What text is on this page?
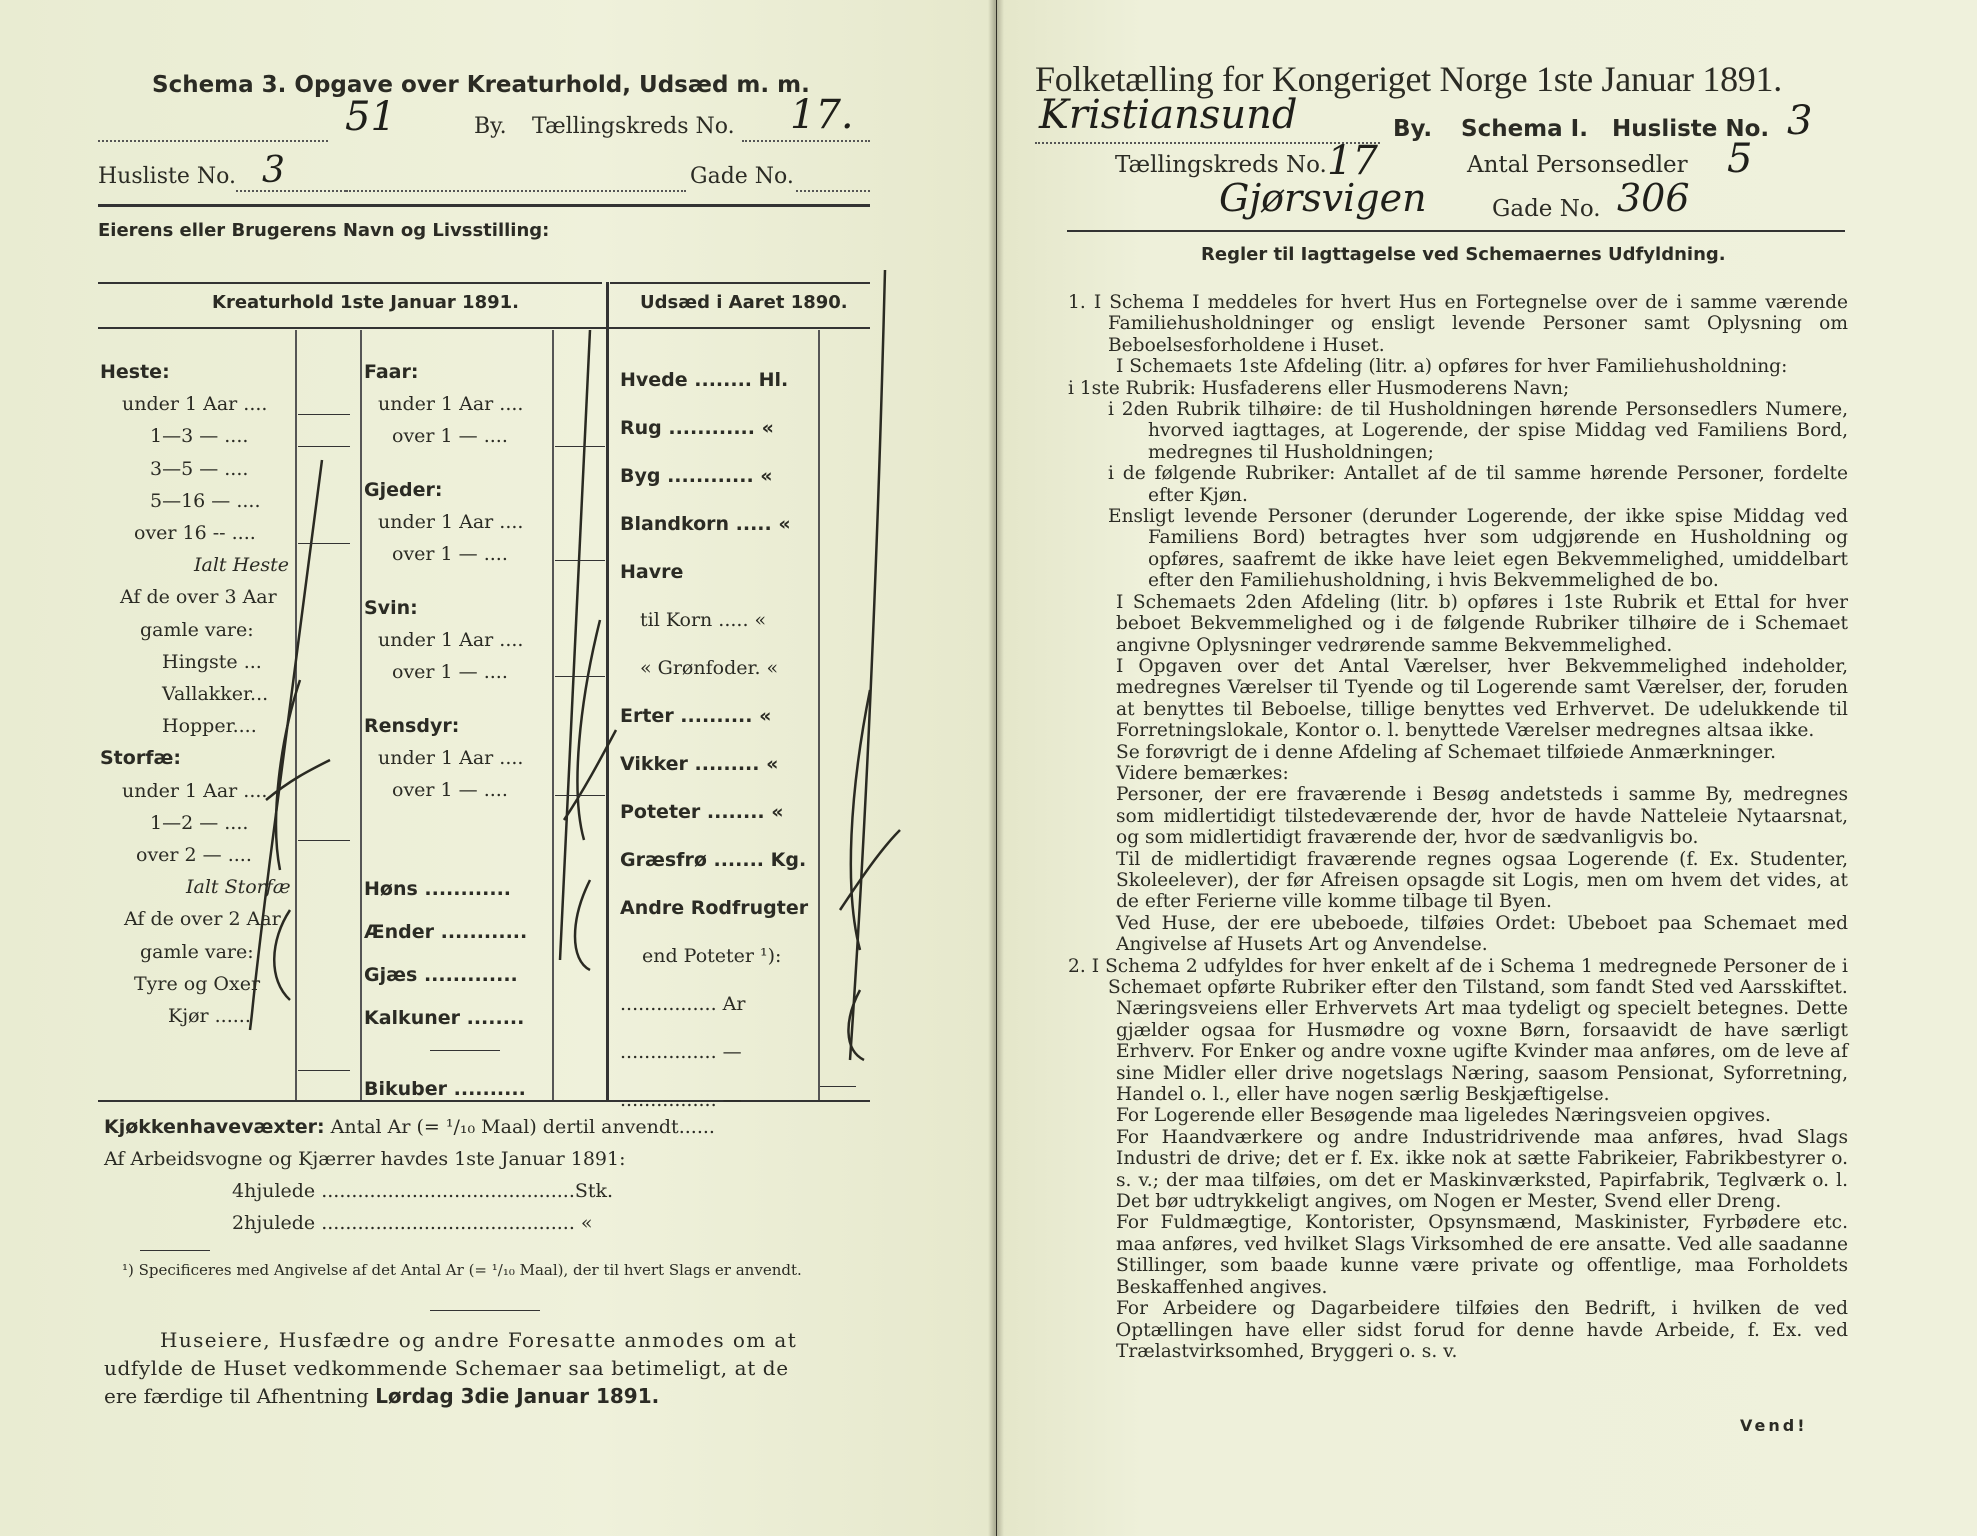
Schema 3. Opgave over Kreaturhold, Udsæd m. m.
51	By. Tællingskreds No. 17.
Husliste No. 3	Gade No.
Eierens eller Brugerens Navn og Livsstilling:
Kreaturhold 1ste Januar 1891.	Udsæd i Aaret 1890.
Heste:
under 1 Aar ....
1—3 — ....
3—5 — ....
5—16 — ....
over 16 -- ....
Ialt Heste
Af de over 3 Aar
gamle vare:
Hingste ...
Vallakker...
Hopper....
Storfæ:
under 1 Aar ....
1—2 — ....
over 2 — ....
Ialt Storfæ
Af de over 2 Aar
gamle vare:
Tyre og Oxer
Kjør ......
Faar:
under 1 Aar ....
over 1 — ....
Gjeder:
under 1 Aar ....
over 1 — ....
Svin:
under 1 Aar ....
over 1 — ....
Rensdyr:
under 1 Aar ....
over 1 — ....
Høns ............
Ænder ............
Gjæs .............
Kalkuner ........
Bikuber ..........
Hvede ........ Hl.
Rug ............ «
Byg ............ «
Blandkorn ..... «
Havre
til Korn ..... «
« Grønfoder. «
Erter .......... «
Vikker ......... «
Poteter ........ «
Græsfrø ....... Kg.
Andre Rodfrugter
end Poteter ¹):
................ Ar
................ —
................ —
Kjøkkenhavevæxter: Antal Ar (= ¹/₁₀ Maal) dertil anvendt......
Af Arbeidsvogne og Kjærrer havdes 1ste Januar 1891:
4hjulede ..........................................Stk.
2hjulede .......................................... «
¹) Specificeres med Angivelse af det Antal Ar (= ¹/₁₀ Maal), der til hvert Slags er anvendt.
Huseiere, Husfædre og andre Foresatte anmodes om at
udfylde de Huset vedkommende Schemaer saa betimeligt, at de
ere færdige til Afhentning Lørdag 3die Januar 1891.
Folketælling for Kongeriget Norge 1ste Januar 1891.
Kristiansund	By. Schema I. Husliste No. 3
Tællingskreds No. 17	Antal Personsedler 5
Gjørsvigen	Gade No. 306
Regler til Iagttagelse ved Schemaernes Udfyldning.

1. I Schema I meddeles for hvert Hus en Fortegnelse over de i samme værende Familiehusholdninger og ensligt levende Personer samt Oplysning om Beboelsesforholdene i Huset.

I Schemaets 1ste Afdeling (litr. a) opføres for hver Familiehusholdning:

i 1ste Rubrik: Husfaderens eller Husmoderens Navn;

i 2den Rubrik tilhøire: de til Husholdningen hørende Personsedlers Numere, hvorved iagttages, at Logerende, der spise Middag ved Familiens Bord, medregnes til Husholdningen;

i de følgende Rubriker: Antallet af de til samme hørende Personer, fordelte efter Kjøn.

Ensligt levende Personer (derunder Logerende, der ikke spise Middag ved Familiens Bord) betragtes hver som udgjørende en Husholdning og opføres, saafremt de ikke have leiet egen Bekvemmelighed, umiddelbart efter den Familiehusholdning, i hvis Bekvemmelighed de bo.

I Schemaets 2den Afdeling (litr. b) opføres i 1ste Rubrik et Ettal for hver beboet Bekvemmelighed og i de følgende Rubriker tilhøire de i Schemaet angivne Oplysninger vedrørende samme Bekvemmelighed.

I Opgaven over det Antal Værelser, hver Bekvemmelighed indeholder, medregnes Værelser til Tyende og til Logerende samt Værelser, der, foruden at benyttes til Beboelse, tillige benyttes ved Erhvervet. De udelukkende til Forretningslokale, Kontor o. l. benyttede Værelser medregnes altsaa ikke.

Se forøvrigt de i denne Afdeling af Schemaet tilføiede Anmærkninger.

Videre bemærkes:

Personer, der ere fraværende i Besøg andetsteds i samme By, medregnes som midlertidigt tilstedeværende der, hvor de havde Natteleie Nytaarsnat, og som midlertidigt fraværende der, hvor de sædvanligvis bo.

Til de midlertidigt fraværende regnes ogsaa Logerende (f. Ex. Studenter, Skoleelever), der før Afreisen opsagde sit Logis, men om hvem det vides, at de efter Ferierne ville komme tilbage til Byen.

Ved Huse, der ere ubeboede, tilføies Ordet: Ubeboet paa Schemaet med Angivelse af Husets Art og Anvendelse.

2. I Schema 2 udfyldes for hver enkelt af de i Schema 1 medregnede Personer de i Schemaet opførte Rubriker efter den Tilstand, som fandt Sted ved Aarsskiftet.

Næringsveiens eller Erhvervets Art maa tydeligt og specielt betegnes. Dette gjælder ogsaa for Husmødre og voxne Børn, forsaavidt de have særligt Erhverv. For Enker og andre voxne ugifte Kvinder maa anføres, om de leve af sine Midler eller drive nogetslags Næring, saasom Pensionat, Syforretning, Handel o. l., eller have nogen særlig Beskjæftigelse.

For Logerende eller Besøgende maa ligeledes Næringsveien opgives.

For Haandværkere og andre Industridrivende maa anføres, hvad Slags Industri de drive; det er f. Ex. ikke nok at sætte Fabrikeier, Fabrikbestyrer o. s. v.; der maa tilføies, om det er Maskinværksted, Papirfabrik, Teglværk o. l. Det bør udtrykkeligt angives, om Nogen er Mester, Svend eller Dreng.

For Fuldmægtige, Kontorister, Opsynsmænd, Maskinister, Fyrbødere etc. maa anføres, ved hvilket Slags Virksomhed de ere ansatte. Ved alle saadanne Stillinger, som baade kunne være private og offentlige, maa Forholdets Beskaffenhed angives.

For Arbeidere og Dagarbeidere tilføies den Bedrift, i hvilken de ved Optællingen have eller sidst forud for denne havde Arbeide, f. Ex. ved Trælastvirksomhed, Bryggeri o. s. v.

Vend!
